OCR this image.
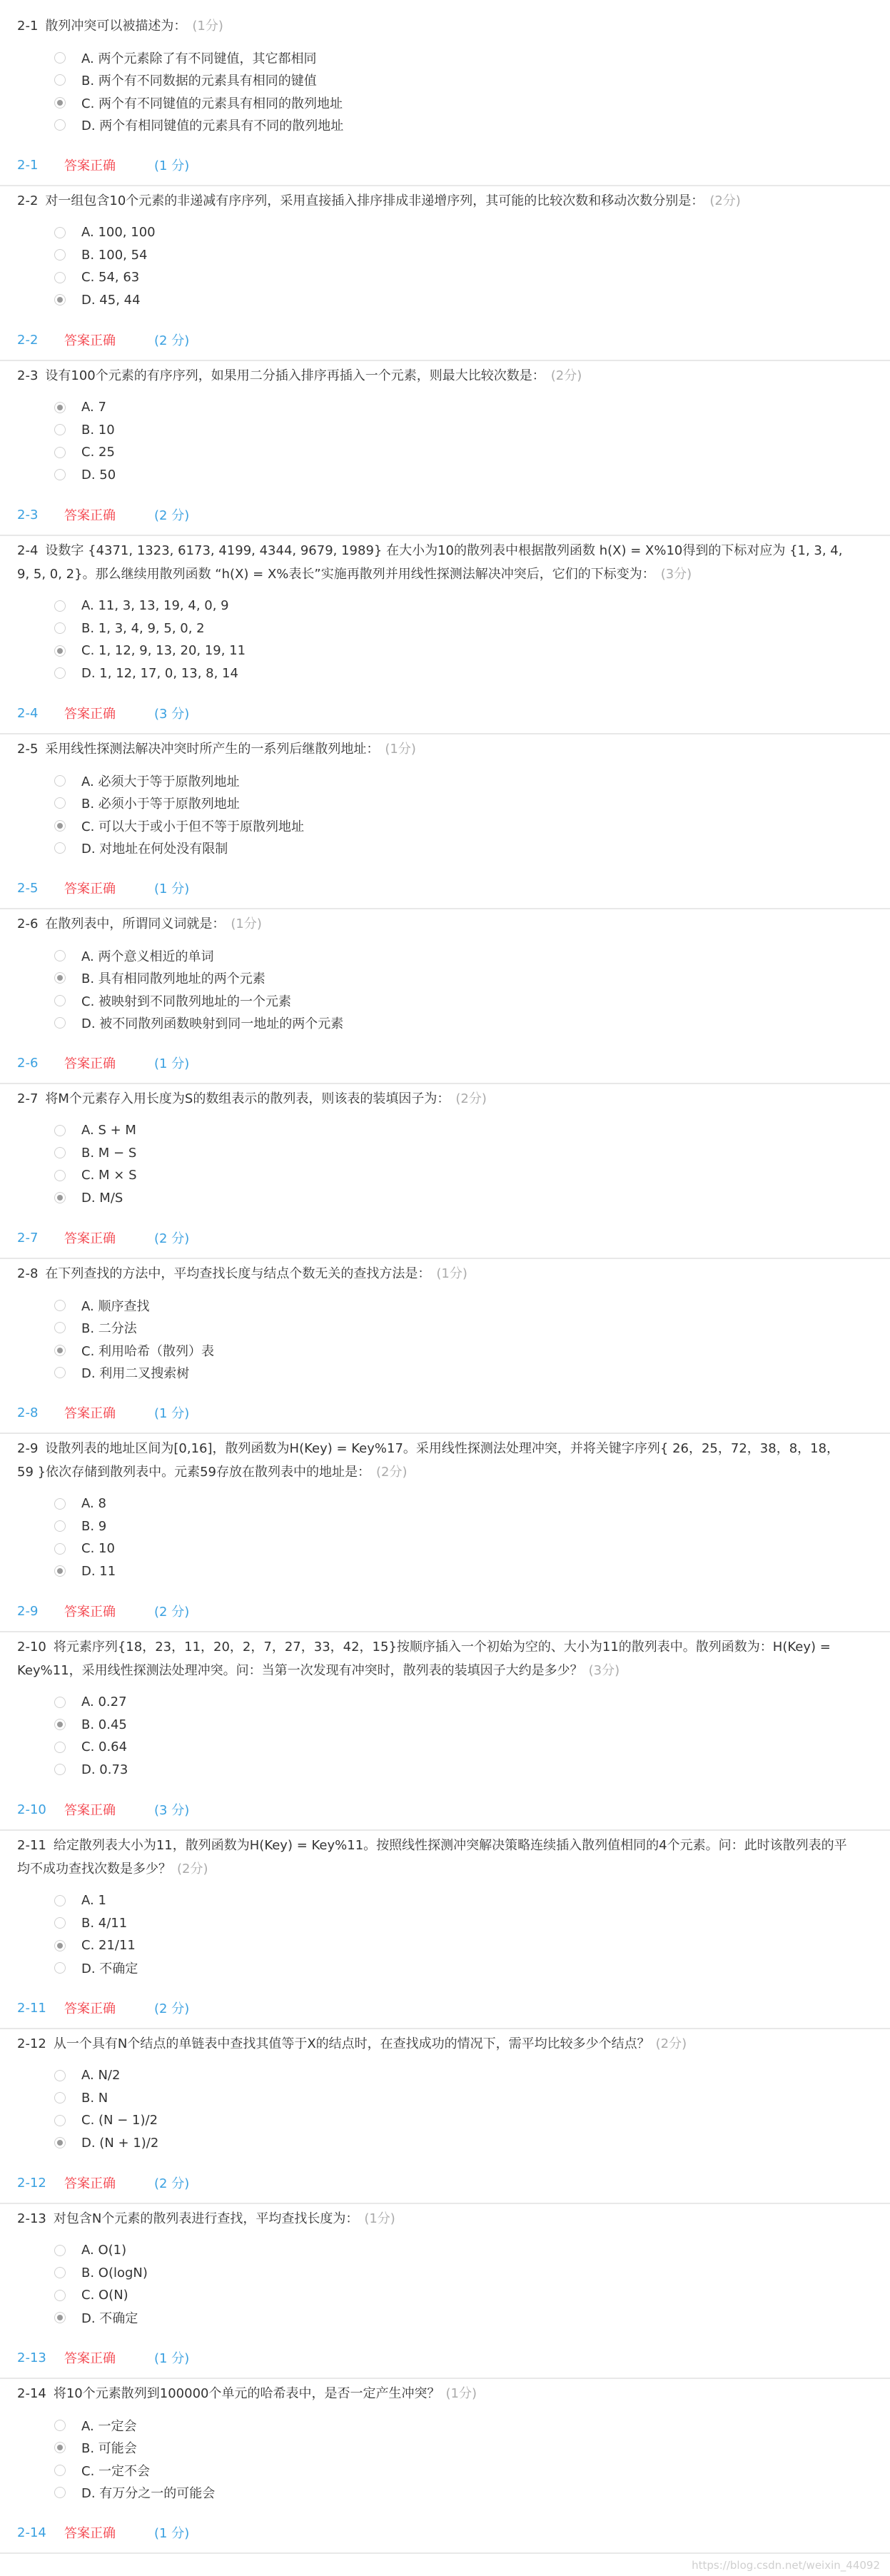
2-1 散列冲突可以被描述为： (1分)
A. 两个元素除了有不同键值，其它都相同
B. 两个有不同数据的元素具有相同的键值
C. 两个有不同键值的元素具有相同的散列地址
D. 两个有相同键值的元素具有不同的散列地址
2-1	答案正确	(1 分)
2-2 对一组包含10个元素的非递减有序序列，采用直接插入排序排成非递增序列，其可能的比较次数和移动次数分别是： (2分)
A. 100, 100
B. 100, 54
C. 54, 63
D. 45, 44
2-2	答案正确	(2 分)
2-3 设有100个元素的有序序列，如果用二分插入排序再插入一个元素，则最大比较次数是： (2分)
A. 7
B. 10
C. 25
D. 50
2-3	答案正确	(2 分)
2-4 设数字 {4371, 1323, 6173, 4199, 4344, 9679, 1989} 在大小为10的散列表中根据散列函数 h(X) = X%10得到的下标对应为 {1, 3, 4, 9, 5, 0, 2}。那么继续用散列函数 “h(X) = X%表长”实施再散列并用线性探测法解决冲突后，它们的下标变为： (3分)
A. 11, 3, 13, 19, 4, 0, 9
B. 1, 3, 4, 9, 5, 0, 2
C. 1, 12, 9, 13, 20, 19, 11
D. 1, 12, 17, 0, 13, 8, 14
2-4	答案正确	(3 分)
2-5 采用线性探测法解决冲突时所产生的一系列后继散列地址： (1分)
A. 必须大于等于原散列地址
B. 必须小于等于原散列地址
C. 可以大于或小于但不等于原散列地址
D. 对地址在何处没有限制
2-5	答案正确	(1 分)
2-6 在散列表中，所谓同义词就是： (1分)
A. 两个意义相近的单词
B. 具有相同散列地址的两个元素
C. 被映射到不同散列地址的一个元素
D. 被不同散列函数映射到同一地址的两个元素
2-6	答案正确	(1 分)
2-7 将M个元素存入用长度为S的数组表示的散列表，则该表的装填因子为： (2分)
A. S + M
B. M − S
C. M × S
D. M/S
2-7	答案正确	(2 分)
2-8 在下列查找的方法中，平均查找长度与结点个数无关的查找方法是： (1分)
A. 顺序查找
B. 二分法
C. 利用哈希（散列）表
D. 利用二叉搜索树
2-8	答案正确	(1 分)
2-9 设散列表的地址区间为[0,16]，散列函数为H(Key) = Key%17。采用线性探测法处理冲突，并将关键字序列{ 26，25，72，38，8，18，59 }依次存储到散列表中。元素59存放在散列表中的地址是： (2分)
A. 8
B. 9
C. 10
D. 11
2-9	答案正确	(2 分)
2-10 将元素序列{18，23，11，20，2，7，27，33，42，15}按顺序插入一个初始为空的、大小为11的散列表中。散列函数为：H(Key) = Key%11，采用线性探测法处理冲突。问：当第一次发现有冲突时，散列表的装填因子大约是多少？ (3分)
A. 0.27
B. 0.45
C. 0.64
D. 0.73
2-10	答案正确	(3 分)
2-11 给定散列表大小为11，散列函数为H(Key) = Key%11。按照线性探测冲突解决策略连续插入散列值相同的4个元素。问：此时该散列表的平均不成功查找次数是多少？ (2分)
A. 1
B. 4/11
C. 21/11
D. 不确定
2-11	答案正确	(2 分)
2-12 从一个具有N个结点的单链表中查找其值等于X的结点时，在查找成功的情况下，需平均比较多少个结点？ (2分)
A. N/2
B. N
C. (N − 1)/2
D. (N + 1)/2
2-12	答案正确	(2 分)
2-13 对包含N个元素的散列表进行查找，平均查找长度为： (1分)
A. O(1)
B. O(logN)
C. O(N)
D. 不确定
2-13	答案正确	(1 分)
2-14 将10个元素散列到100000个单元的哈希表中，是否一定产生冲突？ (1分)
A. 一定会
B. 可能会
C. 一定不会
D. 有万分之一的可能会
2-14	答案正确	(1 分)
https://blog.csdn.net/weixin_44092
